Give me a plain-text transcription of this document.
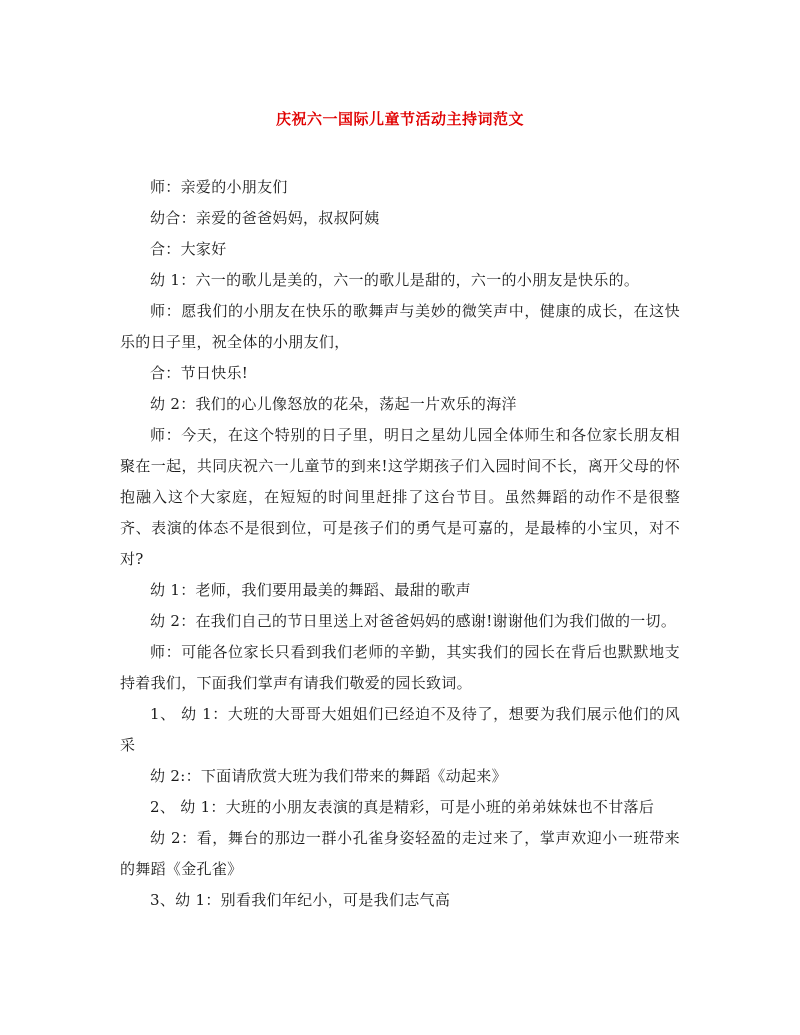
庆祝六一国际儿童节活动主持词范文

师：亲爱的小朋友们

幼合：亲爱的爸爸妈妈，叔叔阿姨

合：大家好

幼 1：六一的歌儿是美的，六一的歌儿是甜的，六一的小朋友是快乐的。

师：愿我们的小朋友在快乐的歌舞声与美妙的微笑声中，健康的成长，在这快乐的日子里，祝全体的小朋友们，

合：节日快乐!

幼 2：我们的心儿像怒放的花朵，荡起一片欢乐的海洋

师：今天，在这个特别的日子里，明日之星幼儿园全体师生和各位家长朋友相聚在一起，共同庆祝六一儿童节的到来!这学期孩子们入园时间不长，离开父母的怀抱融入这个大家庭，在短短的时间里赶排了这台节目。虽然舞蹈的动作不是很整齐、表演的体态不是很到位，可是孩子们的勇气是可嘉的，是最棒的小宝贝，对不对?

幼 1：老师，我们要用最美的舞蹈、最甜的歌声

幼 2：在我们自己的节日里送上对爸爸妈妈的感谢!谢谢他们为我们做的一切。

师：可能各位家长只看到我们老师的辛勤，其实我们的园长在背后也默默地支持着我们，下面我们掌声有请我们敬爱的园长致词。

1、 幼 1：大班的大哥哥大姐姐们已经迫不及待了，想要为我们展示他们的风采

幼 2:：下面请欣赏大班为我们带来的舞蹈《动起来》

2、 幼 1：大班的小朋友表演的真是精彩，可是小班的弟弟妹妹也不甘落后

幼 2：看，舞台的那边一群小孔雀身姿轻盈的走过来了，掌声欢迎小一班带来的舞蹈《金孔雀》

3、幼 1：别看我们年纪小，可是我们志气高
